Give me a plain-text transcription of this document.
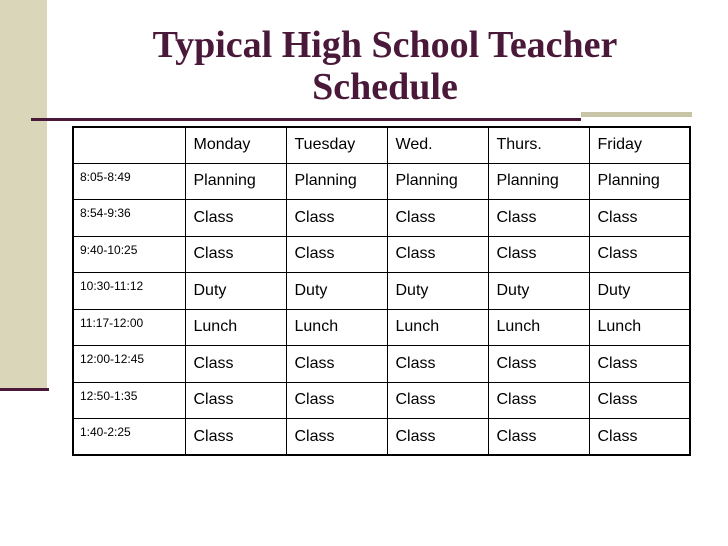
Typical High School Teacher Schedule
	Monday	Tuesday	Wed.	Thurs.	Friday
8:05-8:49	Planning	Planning	Planning	Planning	Planning
8:54-9:36	Class	Class	Class	Class	Class
9:40-10:25	Class	Class	Class	Class	Class
10:30-11:12	Duty	Duty	Duty	Duty	Duty
11:17-12:00	Lunch	Lunch	Lunch	Lunch	Lunch
12:00-12:45	Class	Class	Class	Class	Class
12:50-1:35	Class	Class	Class	Class	Class
1:40-2:25	Class	Class	Class	Class	Class
